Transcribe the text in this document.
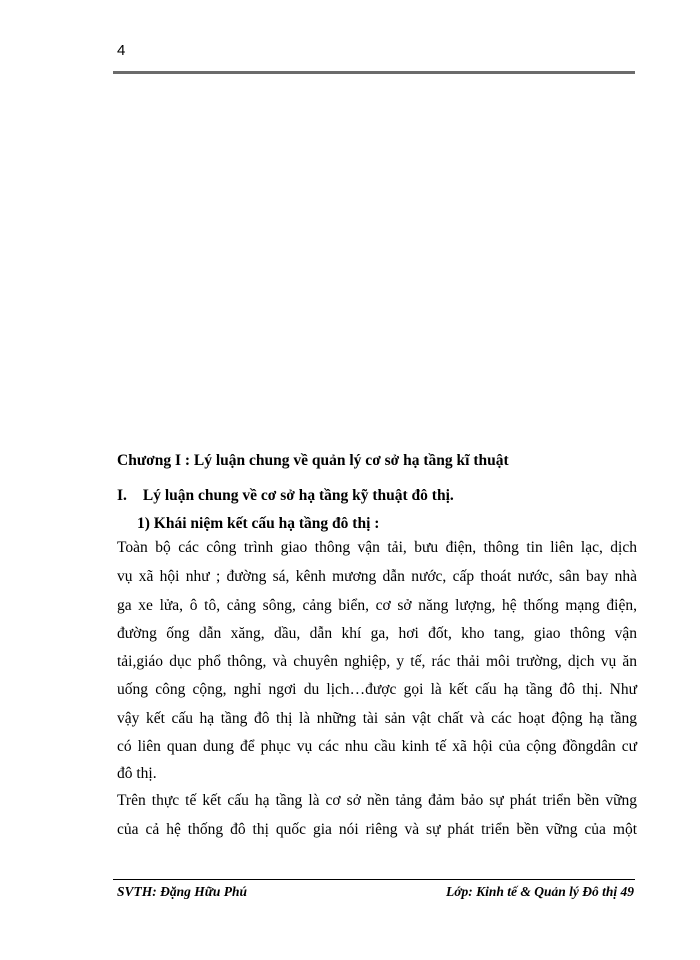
4
Chương I : Lý luận chung về quản lý cơ sở hạ tầng kĩ thuật
I. Lý luận chung về cơ sở hạ tầng kỹ thuật đô thị.
1) Khái niệm kết cấu hạ tầng đô thị :
Toàn bộ các công trình giao thông vận tải, bưu điện, thông tin liên lạc, dịch
vụ xã hội như ; đường sá, kênh mương dẫn nước, cấp thoát nước, sân bay nhà
ga xe lửa, ô tô, cảng sông, cảng biển, cơ sở năng lượng, hệ thống mạng điện,
đường ống dẫn xăng, dầu, dẫn khí ga, hơi đốt, kho tang, giao thông vận
tải,giáo dục phổ thông, và chuyên nghiệp, y tế, rác thải môi trường, dịch vụ ăn
uống công cộng, nghỉ ngơi du lịch…được gọi là kết cấu hạ tầng đô thị. Như
vậy kết cấu hạ tầng đô thị là những tài sản vật chất và các hoạt động hạ tầng
có liên quan dung để phục vụ các nhu cầu kinh tế xã hội của cộng đồngdân cư
đô thị.
Trên thực tế kết cấu hạ tầng là cơ sở nền tảng đảm bảo sự phát triển bền vững
của cả hệ thống đô thị quốc gia nói riêng và sự phát triển bền vững của một
SVTH: Đặng Hữu Phú	Lớp: Kinh tế & Quản lý Đô thị 49
